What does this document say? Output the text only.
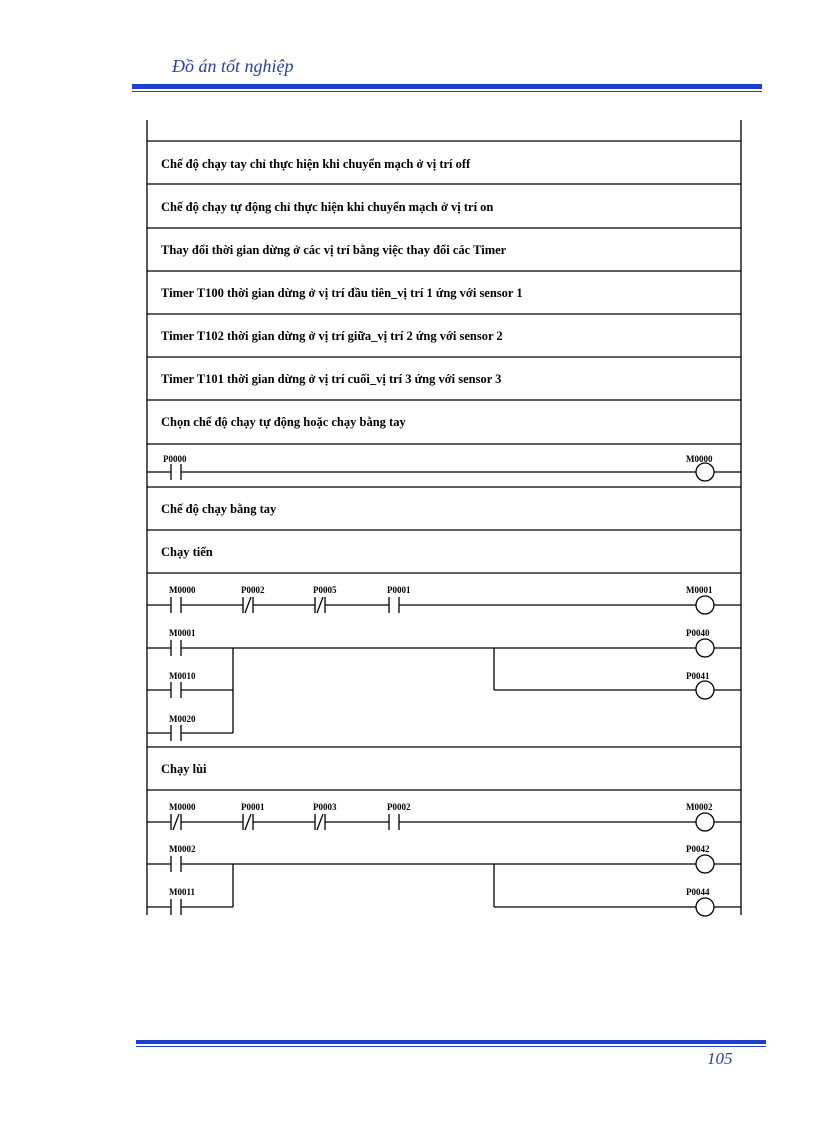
Đồ án tốt nghiệp
Chế độ chạy tay chỉ thực hiện khi chuyển mạch ở vị trí off
Chế độ chạy tự động chỉ thực hiện khi chuyển mạch ở vị trí on
Thay đổi thời gian dừng ở các vị trí bằng việc thay đổi các Timer
Timer T100 thời gian dừng ở vị trí đầu tiên_vị trí 1 ứng với sensor 1
Timer T102 thời gian dừng ở vị trí giữa_vị trí 2 ứng với sensor 2
Timer T101 thời gian dừng ở vị trí cuối_vị trí 3 ứng với sensor 3
Chọn chế độ chạy tự động hoặc chạy bằng tay
Chế độ chạy bằng tay
Chạy tiến
Chạy lùi
P0000	M0000
M0000	P0002	P0005	P0001	M0001
M0001
M0010
M0020
P0040
P0041
M0000	P0001	P0003	P0002	M0002
M0002
M0011
P0042
P0044
105
